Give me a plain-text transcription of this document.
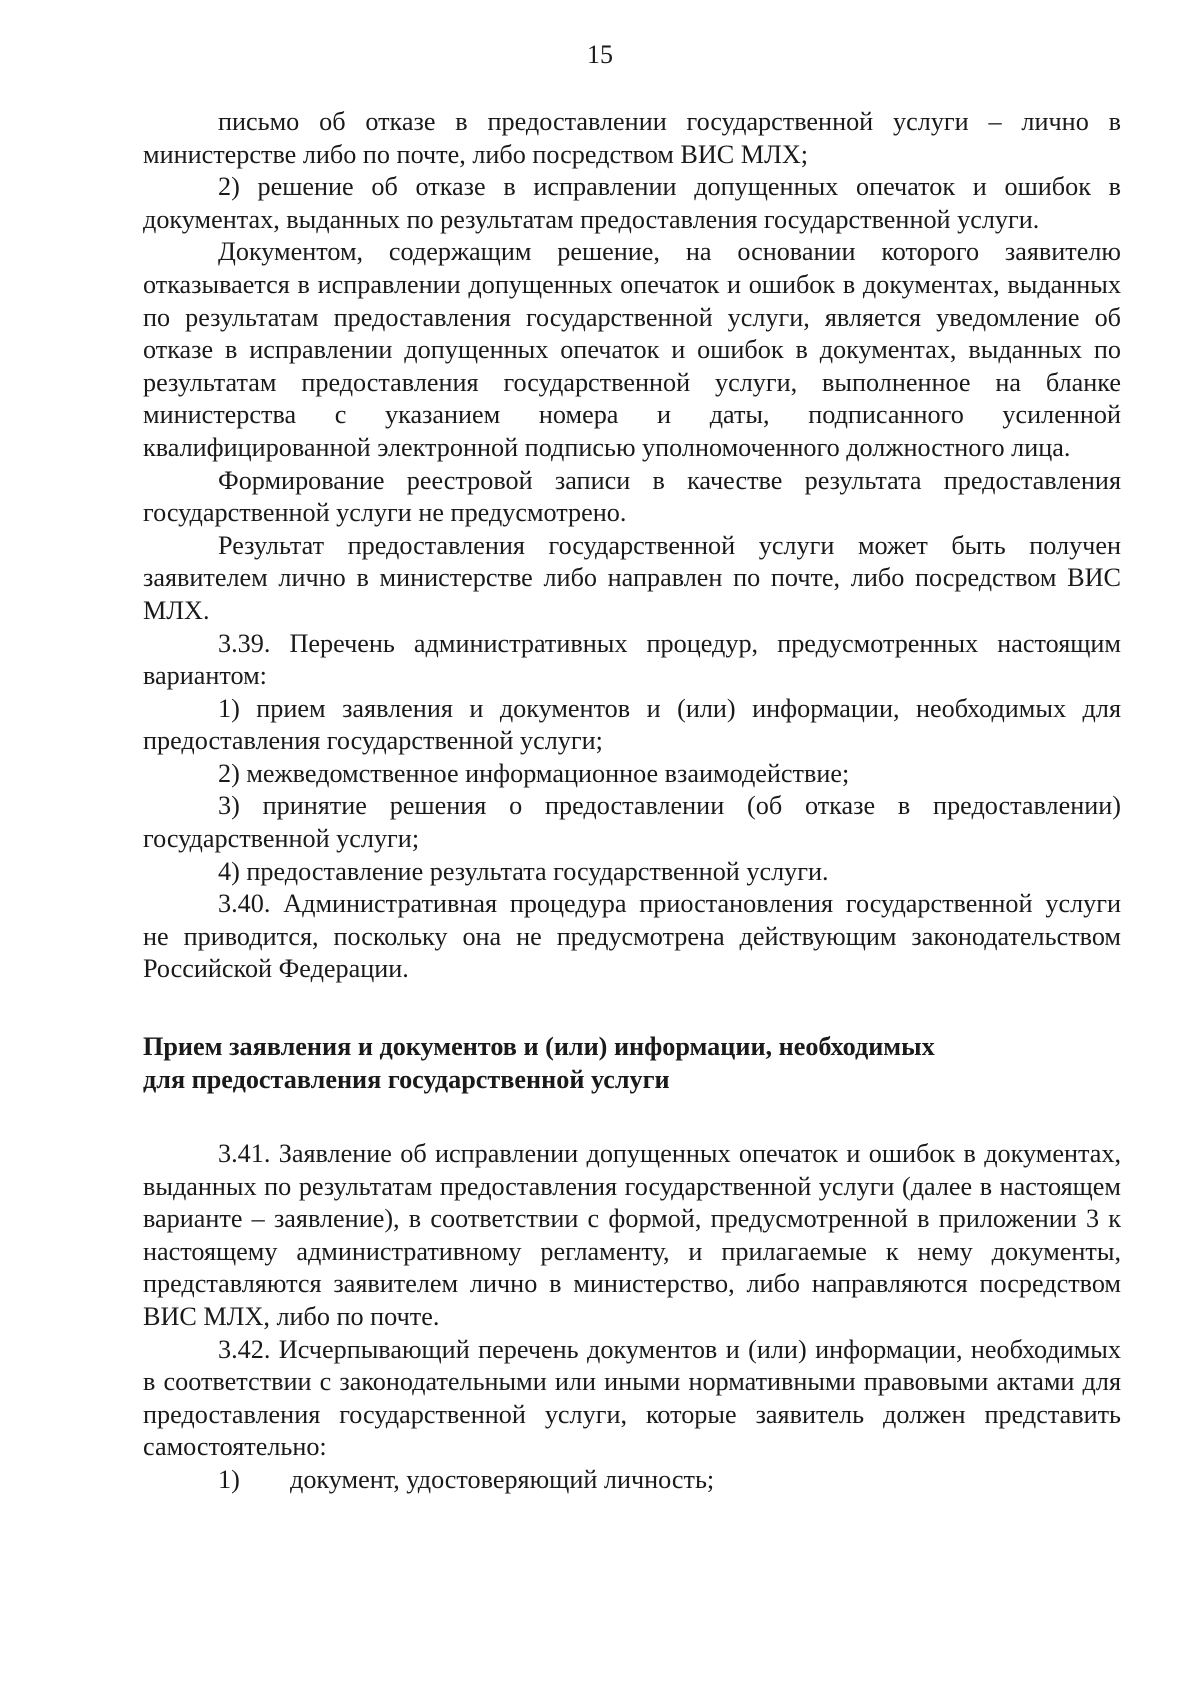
15

письмо об отказе в предоставлении государственной услуги – лично в министерстве либо по почте, либо посредством ВИС МЛХ;

2) решение об отказе в исправлении допущенных опечаток и ошибок в документах, выданных по результатам предоставления государственной услуги.

Документом, содержащим решение, на основании которого заявителю отказывается в исправлении допущенных опечаток и ошибок в документах, выданных по результатам предоставления государственной услуги, является уведомление об отказе в исправлении допущенных опечаток и ошибок в документах, выданных по результатам предоставления государственной услуги, выполненное на бланке министерства с указанием номера и даты, подписанного усиленной квалифицированной электронной подписью уполномоченного должностного лица.

Формирование реестровой записи в качестве результата предоставления государственной услуги не предусмотрено.

Результат предоставления государственной услуги может быть получен заявителем лично в министерстве либо направлен по почте, либо посредством ВИС МЛХ.

3.39. Перечень административных процедур, предусмотренных настоящим вариантом:

1) прием заявления и документов и (или) информации, необходимых для предоставления государственной услуги;

2) межведомственное информационное взаимодействие;

3) принятие решения о предоставлении (об отказе в предоставлении) государственной услуги;

4) предоставление результата государственной услуги.

3.40. Административная процедура приостановления государственной услуги не приводится, поскольку она не предусмотрена действующим законодательством Российской Федерации.

Прием заявления и документов и (или) информации, необходимых

для предоставления государственной услуги

3.41. Заявление об исправлении допущенных опечаток и ошибок в документах, выданных по результатам предоставления государственной услуги (далее в настоящем варианте – заявление), в соответствии с формой, предусмотренной в приложении 3 к настоящему административному регламенту, и прилагаемые к нему документы, представляются заявителем лично в министерство, либо направляются посредством ВИС МЛХ, либо по почте.

3.42. Исчерпывающий перечень документов и (или) информации, необходимых в соответствии с законодательными или иными нормативными правовыми актами для предоставления государственной услуги, которые заявитель должен представить самостоятельно:

1)	документ, удостоверяющий личность;
